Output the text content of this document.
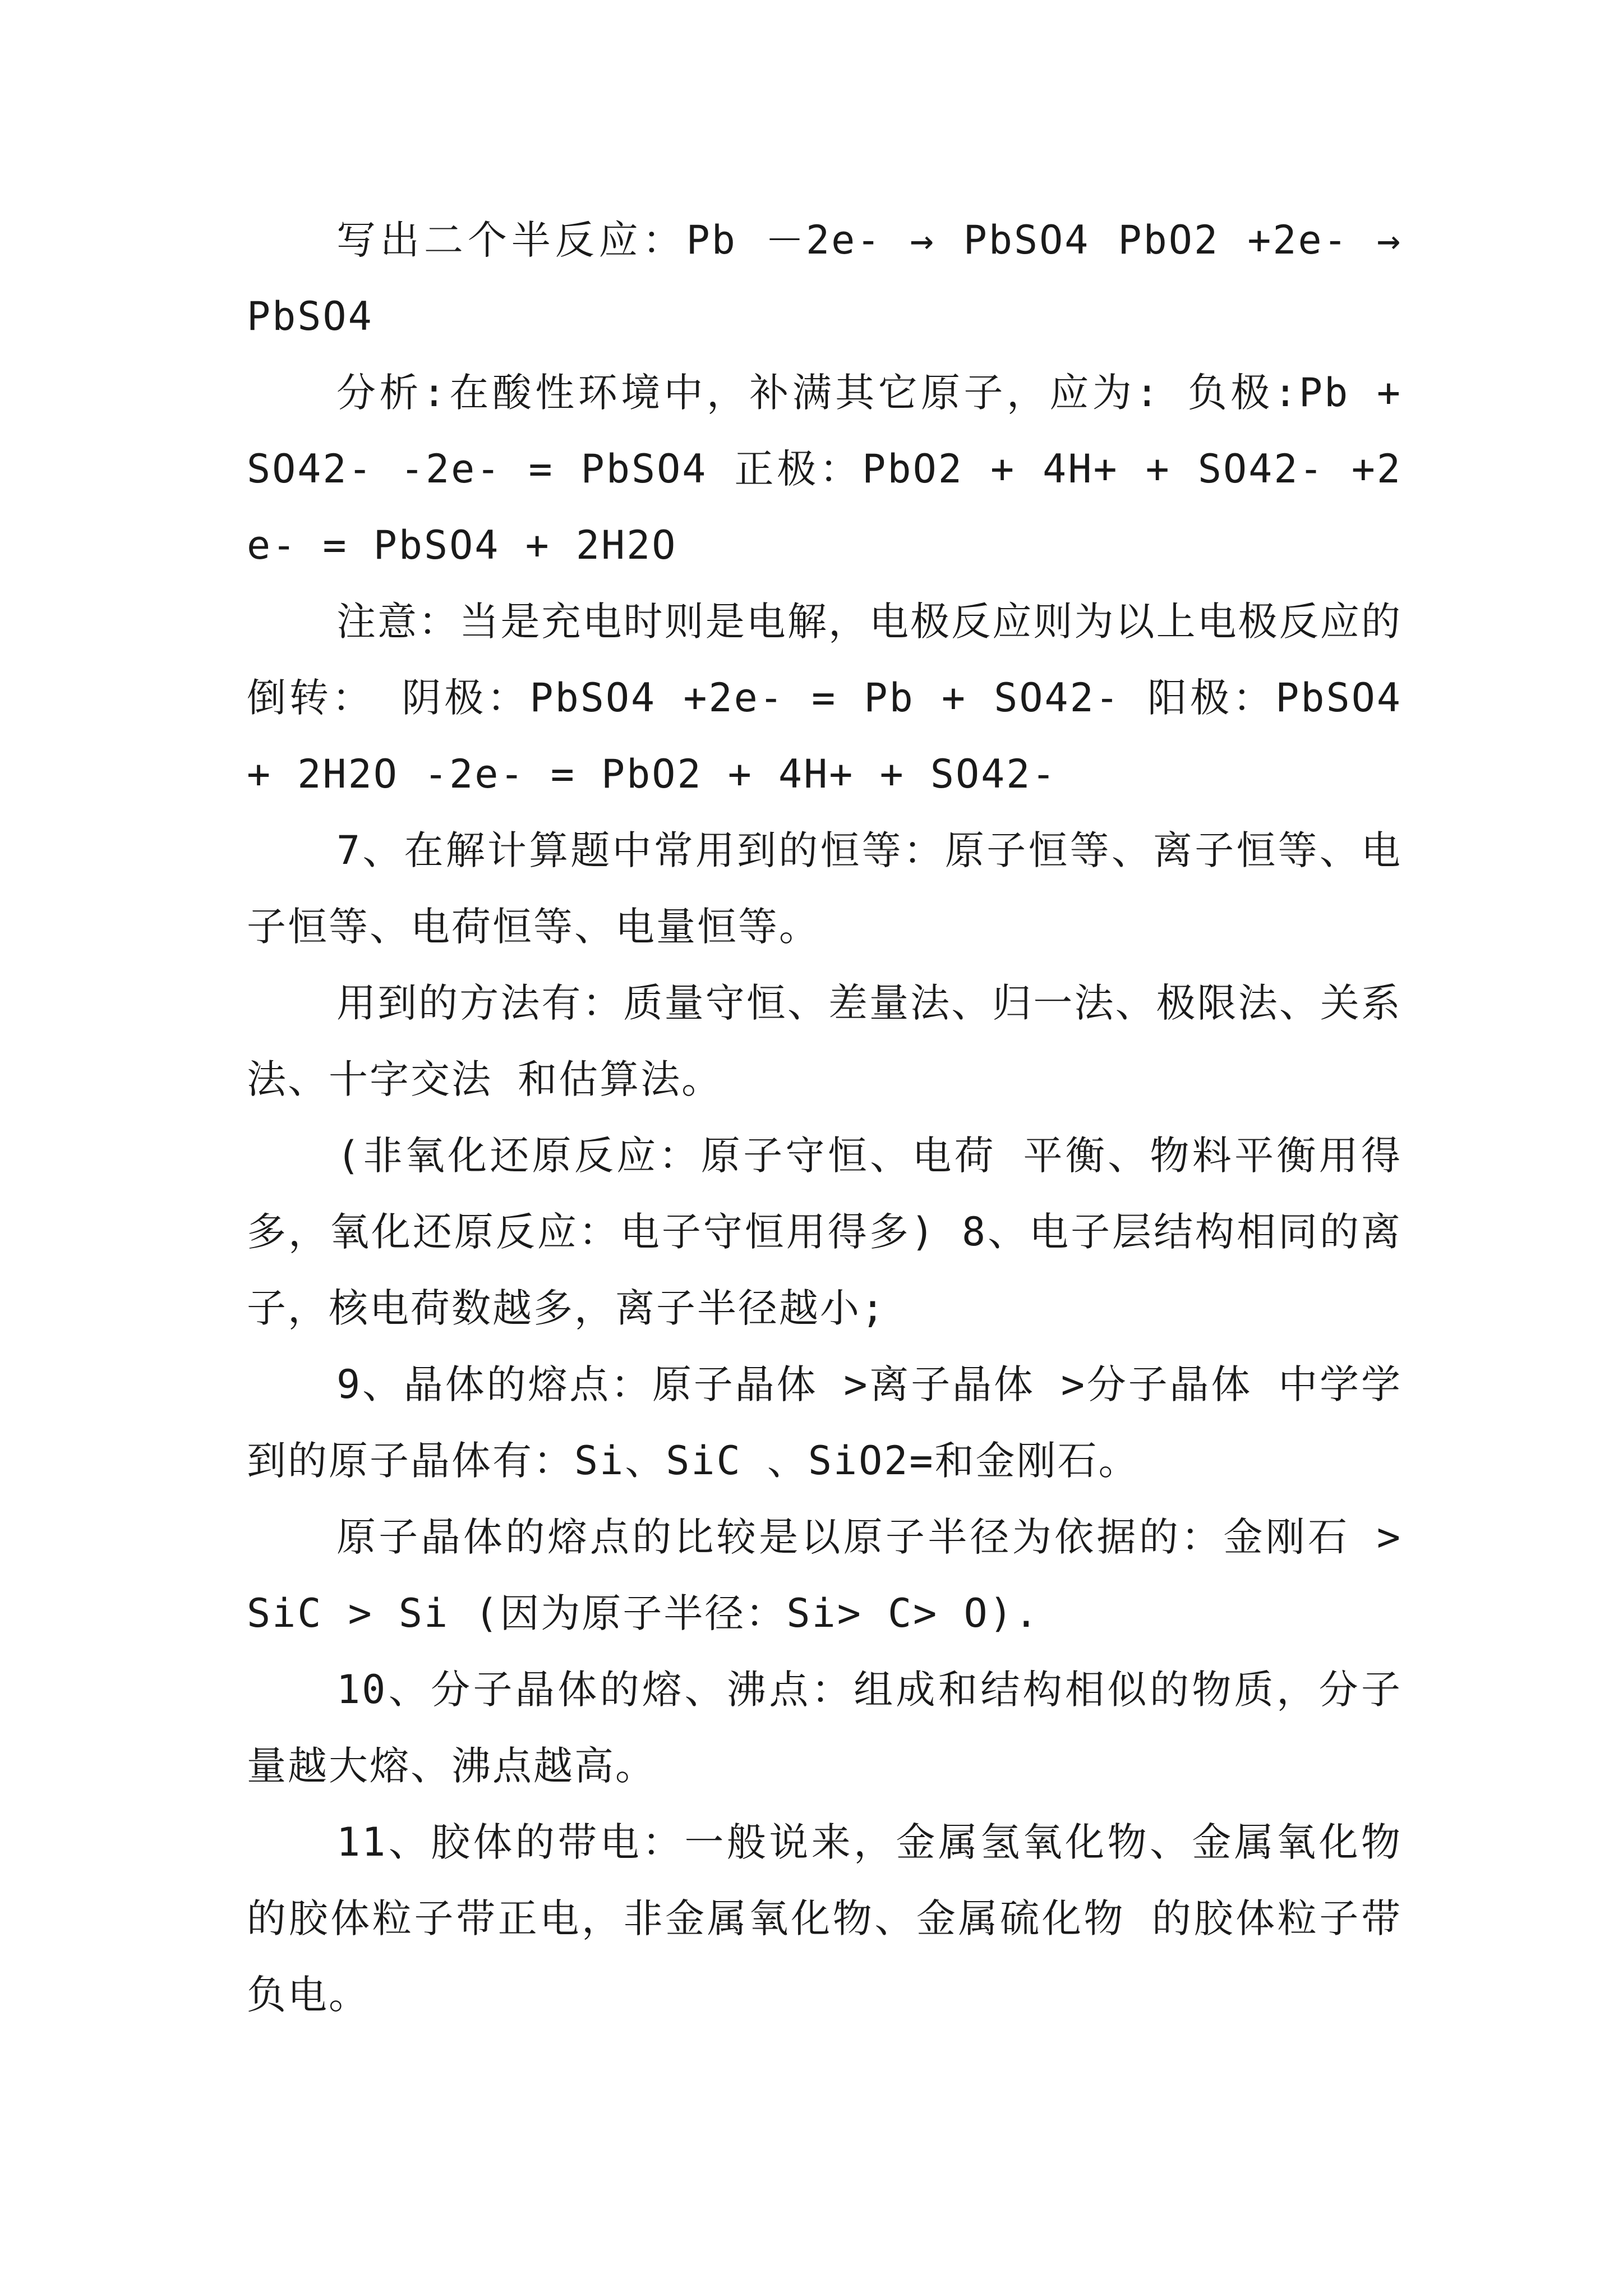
写出二个半反应：Pb －2e- → PbSO4 PbO2 +2e- → PbSO4

分析:在酸性环境中，补满其它原子，应为: 负极:Pb + SO42- -2e- = PbSO4 正极：PbO2 + 4H+ + SO42- +2e- = PbSO4 + 2H2O

注意：当是充电时则是电解，电极反应则为以上电极反应的倒转： 阴极：PbSO4 +2e- = Pb + SO42- 阳极：PbSO4 + 2H2O -2e- = PbO2 + 4H+ + SO42-

7、在解计算题中常用到的恒等：原子恒等、离子恒等、电子恒等、电荷恒等、电量恒等。

用到的方法有：质量守恒、差量法、归一法、极限法、关系法、十字交法 和估算法。

(非氧化还原反应：原子守恒、电荷 平衡、物料平衡用得多，氧化还原反应：电子守恒用得多) 8、电子层结构相同的离子，核电荷数越多，离子半径越小;

9、晶体的熔点：原子晶体 >离子晶体 >分子晶体 中学学到的原子晶体有：Si、SiC 、SiO2=和金刚石。

原子晶体的熔点的比较是以原子半径为依据的：金刚石 > SiC > Si (因为原子半径：Si> C> O).

10、分子晶体的熔、沸点：组成和结构相似的物质，分子量越大熔、沸点越高。

11、胶体的带电：一般说来，金属氢氧化物、金属氧化物的胶体粒子带正电，非金属氧化物、金属硫化物 的胶体粒子带负电。
